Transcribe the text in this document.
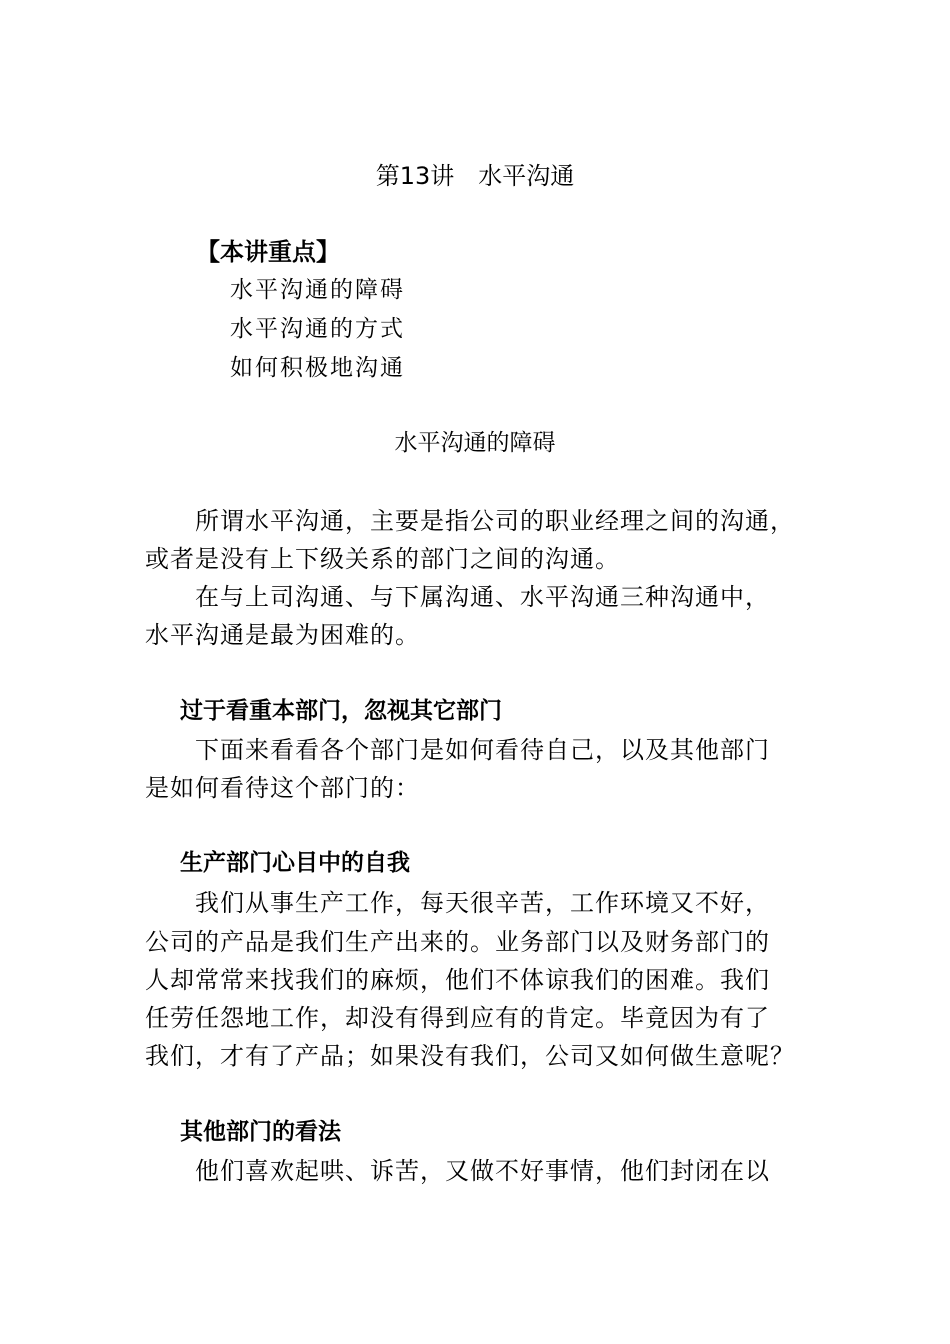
第13讲　水平沟通
【本讲重点】
水平沟通的障碍
水平沟通的方式
如何积极地沟通
水平沟通的障碍
所谓水平沟通，主要是指公司的职业经理之间的沟通，
或者是没有上下级关系的部门之间的沟通。
在与上司沟通、与下属沟通、水平沟通三种沟通中，
水平沟通是最为困难的。
过于看重本部门，忽视其它部门
下面来看看各个部门是如何看待自己，以及其他部门
是如何看待这个部门的：
生产部门心目中的自我
我们从事生产工作，每天很辛苦，工作环境又不好，
公司的产品是我们生产出来的。业务部门以及财务部门的
人却常常来找我们的麻烦，他们不体谅我们的困难。我们
任劳任怨地工作，却没有得到应有的肯定。毕竟因为有了
我们，才有了产品；如果没有我们，公司又如何做生意呢？
其他部门的看法
他们喜欢起哄、诉苦，又做不好事情，他们封闭在以
